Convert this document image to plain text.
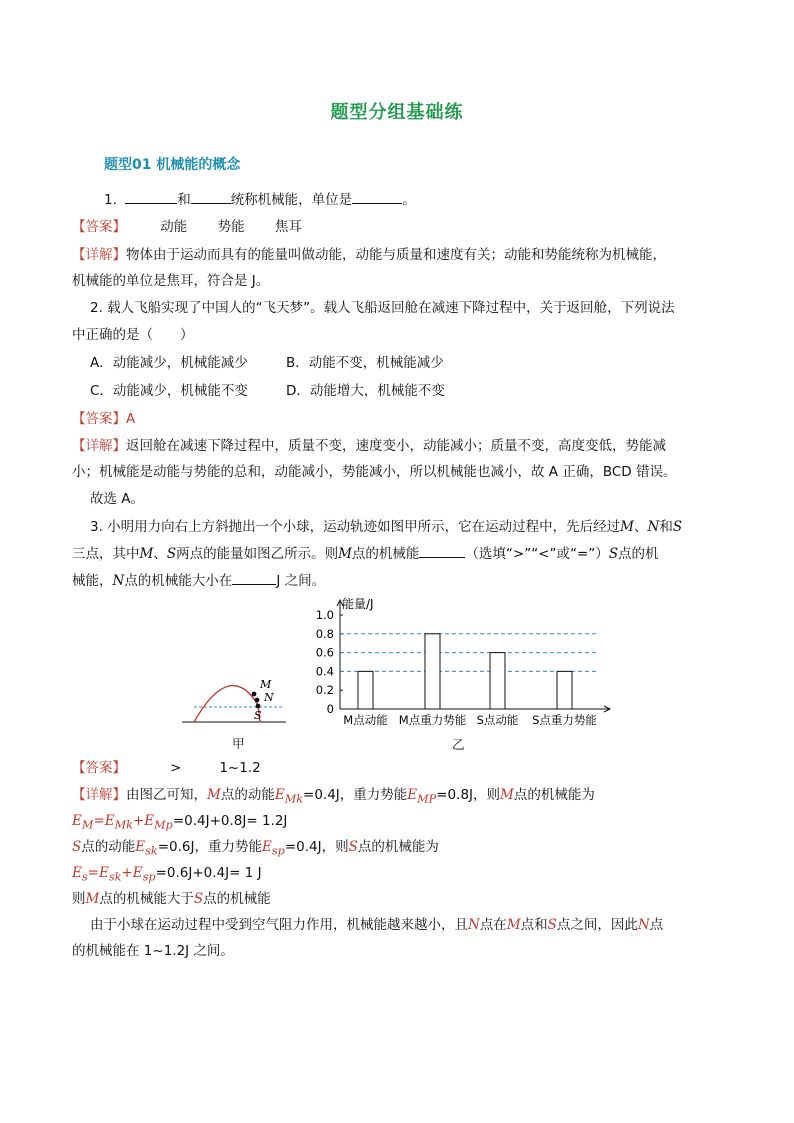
题型分组基础练
题型01 机械能的概念
1.	和	统称机械能，单位是	。
【答案】	动能 势能 焦耳
【详解】物体由于运动而具有的能量叫做动能，动能与质量和速度有关；动能和势能统称为机械能，
机械能的单位是焦耳，符合是 J。
2. 载人飞船实现了中国人的“飞天梦”。载人飞船返回舱在减速下降过程中，关于返回舱，下列说法
中正确的是（　　）
A．动能减少，机械能减少	B．动能不变，机械能减少
C．动能减少，机械能不变	D．动能增大，机械能不变
【答案】A
【详解】返回舱在减速下降过程中，质量不变，速度变小，动能减小；质量不变，高度变低，势能减
小；机械能是动能与势能的总和，动能减小，势能减小，所以机械能也减小，故 A 正确，BCD 错误。
故选 A。
3. 小明用力向右上方斜抛出一个小球，运动轨迹如图甲所示，它在运动过程中，先后经过M、N和S
三点，其中M、S两点的能量如图乙所示。则M点的机械能	（选填“>”“<”或“=”）S点的机
械能，N点的机械能大小在	J 之间。
M
N
S
甲
能量/J
0
0.2
0.4
0.6
0.8
1.0
M点动能 M点重力势能 S点动能 S点重力势能
乙
【答案】	>	1~1.2
【详解】由图乙可知，M点的动能$E_{Mk}=0.4J$，重力势能$E_{MP}=0.8J$，则M点的机械能为
$E_M=E_{Mk}+E_{Mp}=0.4J+0.8J= 1.2J$
S点的动能$E_{sk}=0.6J$，重力势能$E_{sp}=0.4J$，则S点的机械能为
$E_s=E_{sk}+E_{sp}=0.6J+0.4J= 1$ J
则M点的机械能大于S点的机械能
由于小球在运动过程中受到空气阻力作用，机械能越来越小，且N点在M点和S点之间，因此N点
的机械能在 1~1.2J 之间。
